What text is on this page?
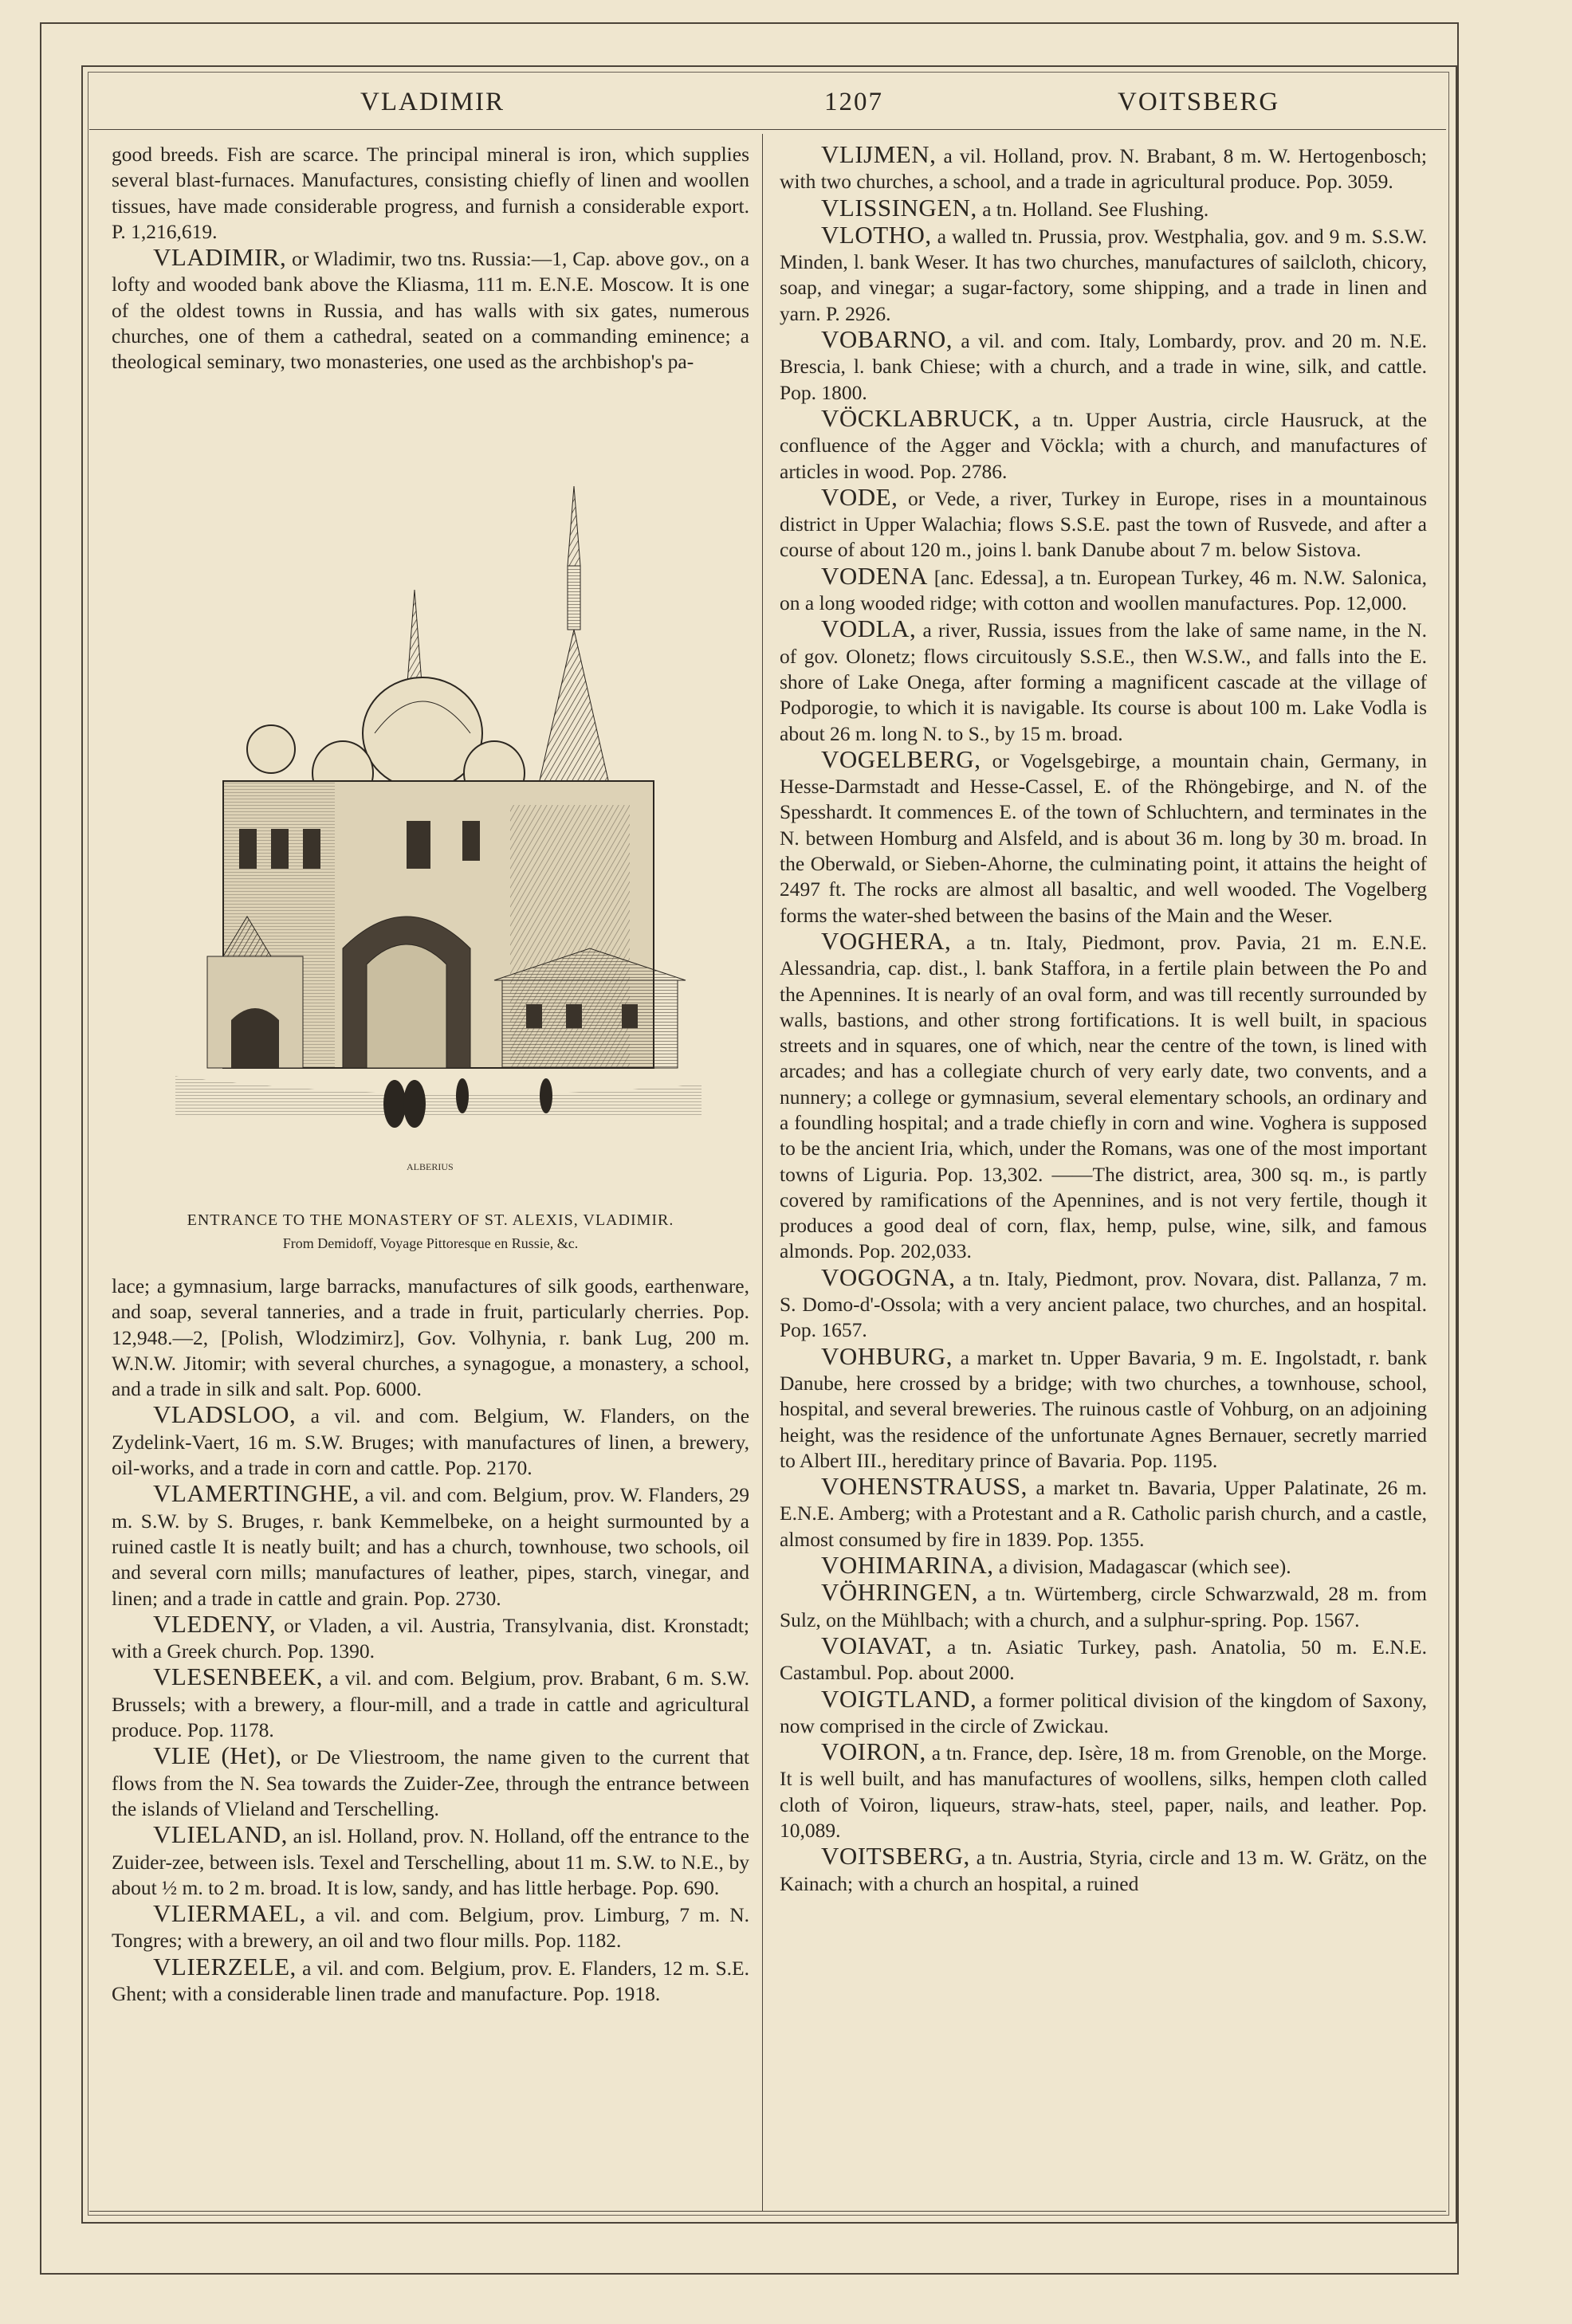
VLADIMIR	1207	VOITSBERG

good breeds. Fish are scarce. The principal mineral is iron, which supplies several blast-furnaces. Manufactures, consisting chiefly of linen and woollen tissues, have made considerable progress, and furnish a considerable export. P. 1,216,619.

VLADIMIR, or Wladimir, two tns. Russia:—1, Cap. above gov., on a lofty and wooded bank above the Kliasma, 111 m. E.N.E. Moscow. It is one of the oldest towns in Russia, and has walls with six gates, numerous churches, one of them a cathedral, seated on a commanding eminence; a theological seminary, two monasteries, one used as the archbishop's pa-

ALBERIUS
ENTRANCE TO THE MONASTERY OF ST. ALEXIS, VLADIMIR.
From Demidoff, Voyage Pittoresque en Russie, &c.

lace; a gymnasium, large barracks, manufactures of silk goods, earthenware, and soap, several tanneries, and a trade in fruit, particularly cherries. Pop. 12,948.—2, [Polish, Wlodzimirz], Gov. Volhynia, r. bank Lug, 200 m. W.N.W. Jitomir; with several churches, a synagogue, a monastery, a school, and a trade in silk and salt. Pop. 6000.

VLADSLOO, a vil. and com. Belgium, W. Flanders, on the Zydelink-Vaert, 16 m. S.W. Bruges; with manufactures of linen, a brewery, oil-works, and a trade in corn and cattle. Pop. 2170.

VLAMERTINGHE, a vil. and com. Belgium, prov. W. Flanders, 29 m. S.W. by S. Bruges, r. bank Kemmelbeke, on a height surmounted by a ruined castle It is neatly built; and has a church, townhouse, two schools, oil and several corn mills; manufactures of leather, pipes, starch, vinegar, and linen; and a trade in cattle and grain. Pop. 2730.

VLEDENY, or Vladen, a vil. Austria, Transylvania, dist. Kronstadt; with a Greek church. Pop. 1390.

VLESENBEEK, a vil. and com. Belgium, prov. Brabant, 6 m. S.W. Brussels; with a brewery, a flour-mill, and a trade in cattle and agricultural produce. Pop. 1178.

VLIE (Het), or De Vliestroom, the name given to the current that flows from the N. Sea towards the Zuider-Zee, through the entrance between the islands of Vlieland and Terschelling.

VLIELAND, an isl. Holland, prov. N. Holland, off the entrance to the Zuider-zee, between isls. Texel and Terschelling, about 11 m. S.W. to N.E., by about ½ m. to 2 m. broad. It is low, sandy, and has little herbage. Pop. 690.

VLIERMAEL, a vil. and com. Belgium, prov. Limburg, 7 m. N. Tongres; with a brewery, an oil and two flour mills. Pop. 1182.

VLIERZELE, a vil. and com. Belgium, prov. E. Flanders, 12 m. S.E. Ghent; with a considerable linen trade and manufacture. Pop. 1918.

VLIJMEN, a vil. Holland, prov. N. Brabant, 8 m. W. Hertogenbosch; with two churches, a school, and a trade in agricultural produce. Pop. 3059.

VLISSINGEN, a tn. Holland. See Flushing.

VLOTHO, a walled tn. Prussia, prov. Westphalia, gov. and 9 m. S.S.W. Minden, l. bank Weser. It has two churches, manufactures of sailcloth, chicory, soap, and vinegar; a sugar-factory, some shipping, and a trade in linen and yarn. P. 2926.

VOBARNO, a vil. and com. Italy, Lombardy, prov. and 20 m. N.E. Brescia, l. bank Chiese; with a church, and a trade in wine, silk, and cattle. Pop. 1800.

VÖCKLABRUCK, a tn. Upper Austria, circle Hausruck, at the confluence of the Agger and Vöckla; with a church, and manufactures of articles in wood. Pop. 2786.

VODE, or Vede, a river, Turkey in Europe, rises in a mountainous district in Upper Walachia; flows S.S.E. past the town of Rusvede, and after a course of about 120 m., joins l. bank Danube about 7 m. below Sistova.

VODENA [anc. Edessa], a tn. European Turkey, 46 m. N.W. Salonica, on a long wooded ridge; with cotton and woollen manufactures. Pop. 12,000.

VODLA, a river, Russia, issues from the lake of same name, in the N. of gov. Olonetz; flows circuitously S.S.E., then W.S.W., and falls into the E. shore of Lake Onega, after forming a magnificent cascade at the village of Podporogie, to which it is navigable. Its course is about 100 m. Lake Vodla is about 26 m. long N. to S., by 15 m. broad.

VOGELBERG, or Vogelsgebirge, a mountain chain, Germany, in Hesse-Darmstadt and Hesse-Cassel, E. of the Rhöngebirge, and N. of the Spesshardt. It commences E. of the town of Schluchtern, and terminates in the N. between Homburg and Alsfeld, and is about 36 m. long by 30 m. broad. In the Oberwald, or Sieben-Ahorne, the culminating point, it attains the height of 2497 ft. The rocks are almost all basaltic, and well wooded. The Vogelberg forms the water-shed between the basins of the Main and the Weser.

VOGHERA, a tn. Italy, Piedmont, prov. Pavia, 21 m. E.N.E. Alessandria, cap. dist., l. bank Staffora, in a fertile plain between the Po and the Apennines. It is nearly of an oval form, and was till recently surrounded by walls, bastions, and other strong fortifications. It is well built, in spacious streets and in squares, one of which, near the centre of the town, is lined with arcades; and has a collegiate church of very early date, two convents, and a nunnery; a college or gymnasium, several elementary schools, an ordinary and a foundling hospital; and a trade chiefly in corn and wine. Voghera is supposed to be the ancient Iria, which, under the Romans, was one of the most important towns of Liguria. Pop. 13,302. ——The district, area, 300 sq. m., is partly covered by ramifications of the Apennines, and is not very fertile, though it produces a good deal of corn, flax, hemp, pulse, wine, silk, and famous almonds. Pop. 202,033.

VOGOGNA, a tn. Italy, Piedmont, prov. Novara, dist. Pallanza, 7 m. S. Domo-d'-Ossola; with a very ancient palace, two churches, and an hospital. Pop. 1657.

VOHBURG, a market tn. Upper Bavaria, 9 m. E. Ingolstadt, r. bank Danube, here crossed by a bridge; with two churches, a townhouse, school, hospital, and several breweries. The ruinous castle of Vohburg, on an adjoining height, was the residence of the unfortunate Agnes Bernauer, secretly married to Albert III., hereditary prince of Bavaria. Pop. 1195.

VOHENSTRAUSS, a market tn. Bavaria, Upper Palatinate, 26 m. E.N.E. Amberg; with a Protestant and a R. Catholic parish church, and a castle, almost consumed by fire in 1839. Pop. 1355.

VOHIMARINA, a division, Madagascar (which see).

VÖHRINGEN, a tn. Würtemberg, circle Schwarzwald, 28 m. from Sulz, on the Mühlbach; with a church, and a sulphur-spring. Pop. 1567.

VOIAVAT, a tn. Asiatic Turkey, pash. Anatolia, 50 m. E.N.E. Castambul. Pop. about 2000.

VOIGTLAND, a former political division of the kingdom of Saxony, now comprised in the circle of Zwickau.

VOIRON, a tn. France, dep. Isère, 18 m. from Grenoble, on the Morge. It is well built, and has manufactures of woollens, silks, hempen cloth called cloth of Voiron, liqueurs, straw-hats, steel, paper, nails, and leather. Pop. 10,089.

VOITSBERG, a tn. Austria, Styria, circle and 13 m. W. Grätz, on the Kainach; with a church an hospital, a ruined
